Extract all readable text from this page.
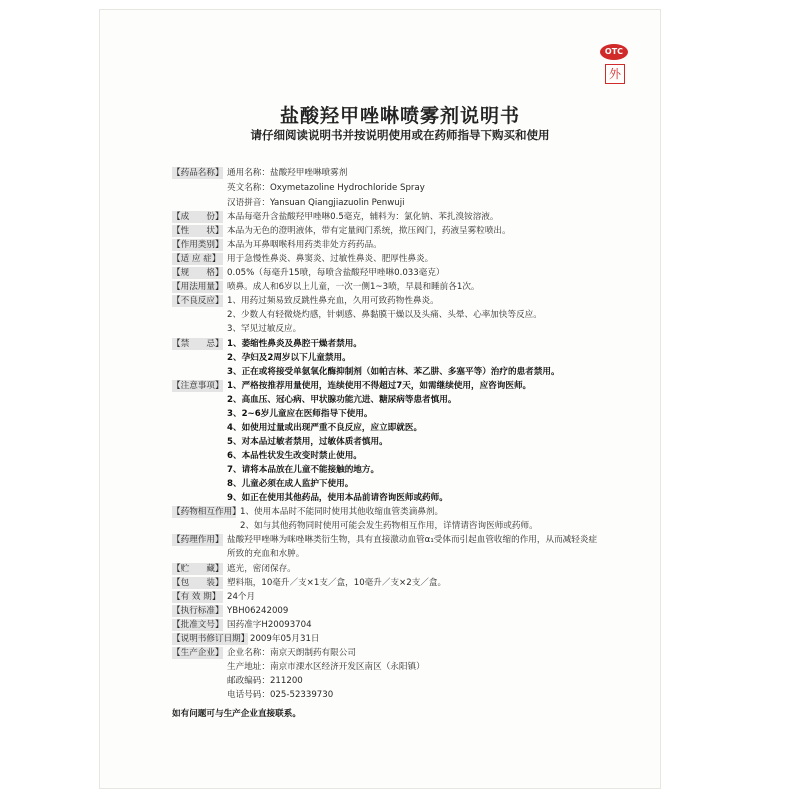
OTC
外
盐酸羟甲唑啉喷雾剂说明书
请仔细阅读说明书并按说明使用或在药师指导下购买和使用
【药品名称】 通用名称：盐酸羟甲唑啉喷雾剂
英文名称：Oxymetazoline Hydrochloride Spray
汉语拼音：Yansuan Qiangjiazuolin Penwuji
【成　　份】 本品每毫升含盐酸羟甲唑啉0.5毫克，辅料为：氯化钠、苯扎溴铵溶液。
【性　　状】 本品为无色的澄明液体，带有定量阀门系统，揿压阀门，药液呈雾粒喷出。
【作用类别】 本品为耳鼻咽喉科用药类非处方药药品。
【适 应 症】 用于急慢性鼻炎、鼻窦炎、过敏性鼻炎、肥厚性鼻炎。
【规　　格】 0.05%（每毫升15喷，每喷含盐酸羟甲唑啉0.033毫克）
【用法用量】 喷鼻。成人和6岁以上儿童，一次一侧1~3喷，早晨和睡前各1次。
【不良反应】 1、用药过频易致反跳性鼻充血，久用可致药物性鼻炎。
2、少数人有轻微烧灼感，针刺感、鼻黏膜干燥以及头痛、头晕、心率加快等反应。
3、罕见过敏反应。
【禁　　忌】 1、萎缩性鼻炎及鼻腔干燥者禁用。
2、孕妇及2周岁以下儿童禁用。
3、正在或将接受单氨氧化酶抑制剂（如帕吉林、苯乙肼、多塞平等）治疗的患者禁用。
【注意事项】 1、严格按推荐用量使用，连续使用不得超过7天，如需继续使用，应咨询医师。
2、高血压、冠心病、甲状腺功能亢进、糖尿病等患者慎用。
3、2~6岁儿童应在医师指导下使用。
4、如使用过量或出现严重不良反应，应立即就医。
5、对本品过敏者禁用，过敏体质者慎用。
6、本品性状发生改变时禁止使用。
7、请将本品放在儿童不能接触的地方。
8、儿童必须在成人监护下使用。
9、如正在使用其他药品，使用本品前请咨询医师或药师。
【药物相互作用】 1、使用本品时不能同时使用其他收缩血管类滴鼻剂。
2、如与其他药物同时使用可能会发生药物相互作用，详情请咨询医师或药师。
【药理作用】 盐酸羟甲唑啉为咪唑啉类衍生物，具有直接激动血管α₁受体而引起血管收缩的作用，从而减轻炎症
所致的充血和水肿。
【贮　　藏】 遮光，密闭保存。
【包　　装】 塑料瓶，10毫升／支×1支／盒，10毫升／支×2支／盒。
【有 效 期】 24个月
【执行标准】 YBH06242009
【批准文号】 国药准字H20093704
【说明书修订日期】 2009年05月31日
【生产企业】 企业名称：南京天朗制药有限公司
生产地址：南京市溧水区经济开发区南区（永阳镇）
邮政编码：211200
电话号码：025-52339730
如有问题可与生产企业直接联系。
